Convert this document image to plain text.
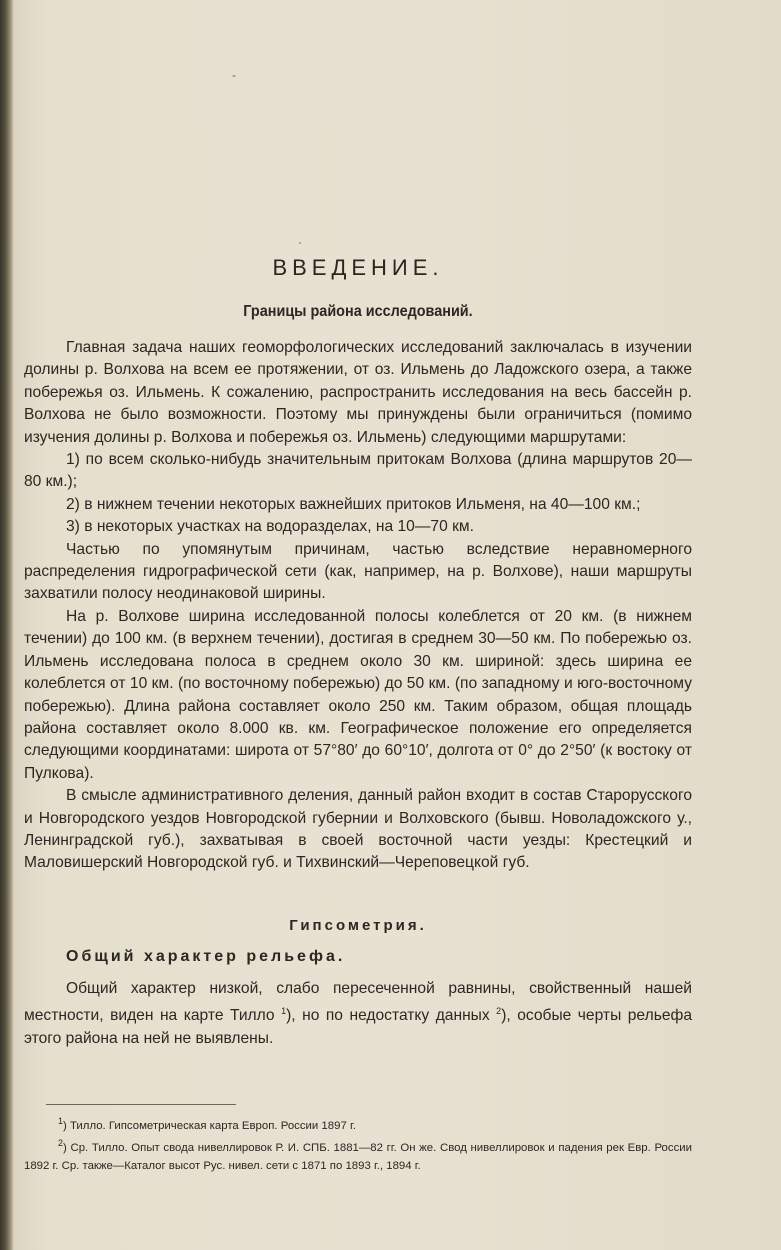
-
`
ВВЕДЕНИЕ.
Границы района исследований.

Главная задача наших геоморфологических исследований заключалась в изучении долины р. Волхова на всем ее протяжении, от оз. Ильмень до Ладожского озера, а также побережья оз. Ильмень. К сожалению, распространить исследования на весь бассейн р. Волхова не было возможности. Поэтому мы принуждены были ограничиться (помимо изучения долины р. Волхова и побережья оз. Ильмень) следующими маршрутами:

1) по всем сколько-нибудь значительным притокам Волхова (длина маршрутов 20—80 км.);

2) в нижнем течении некоторых важнейших притоков Ильменя, на 40—100 км.;

3) в некоторых участках на водоразделах, на 10—70 км.

Частью по упомянутым причинам, частью вследствие неравномерного распределения гидрографической сети (как, например, на р. Волхове), наши маршруты захватили полосу неодинаковой ширины.

На р. Волхове ширина исследованной полосы колеблется от 20 км. (в нижнем течении) до 100 км. (в верхнем течении), достигая в среднем 30—50 км. По побережью оз. Ильмень исследована полоса в среднем около 30 км. шириной: здесь ширина ее колеблется от 10 км. (по восточному побережью) до 50 км. (по западному и юго-восточному побережью). Длина района составляет около 250 км. Таким образом, общая площадь района составляет около 8.000 кв. км. Географическое положение его определяется следующими координатами: широта от 57°80′ до 60°10′, долгота от 0° до 2°50′ (к востоку от Пулкова).

В смысле административного деления, данный район входит в состав Старорусского и Новгородского уездов Новгородской губернии и Волховского (бывш. Новоладожского у., Ленинградской губ.), захватывая в своей восточной части уезды: Крестецкий и Маловишерский Новгородской губ. и Тихвинский—Череповецкой губ.

Гипсометрия.
Общий характер рельефа.

Общий характер низкой, слабо пересеченной равнины, свойственный нашей местности, виден на карте Тилло $^1$), но по недостатку данных $^2$), особые черты рельефа этого района на ней не выявлены.

$^1$) Тилло. Гипсометрическая карта Европ. России 1897 г.

$^2$) Ср. Тилло. Опыт свода нивеллировок Р. И. СПБ. 1881—82 гг. Он же. Свод нивеллировок и падения рек Евр. России 1892 г. Ср. также—Каталог высот Рус. нивел. сети с 1871 по 1893 г., 1894 г.
